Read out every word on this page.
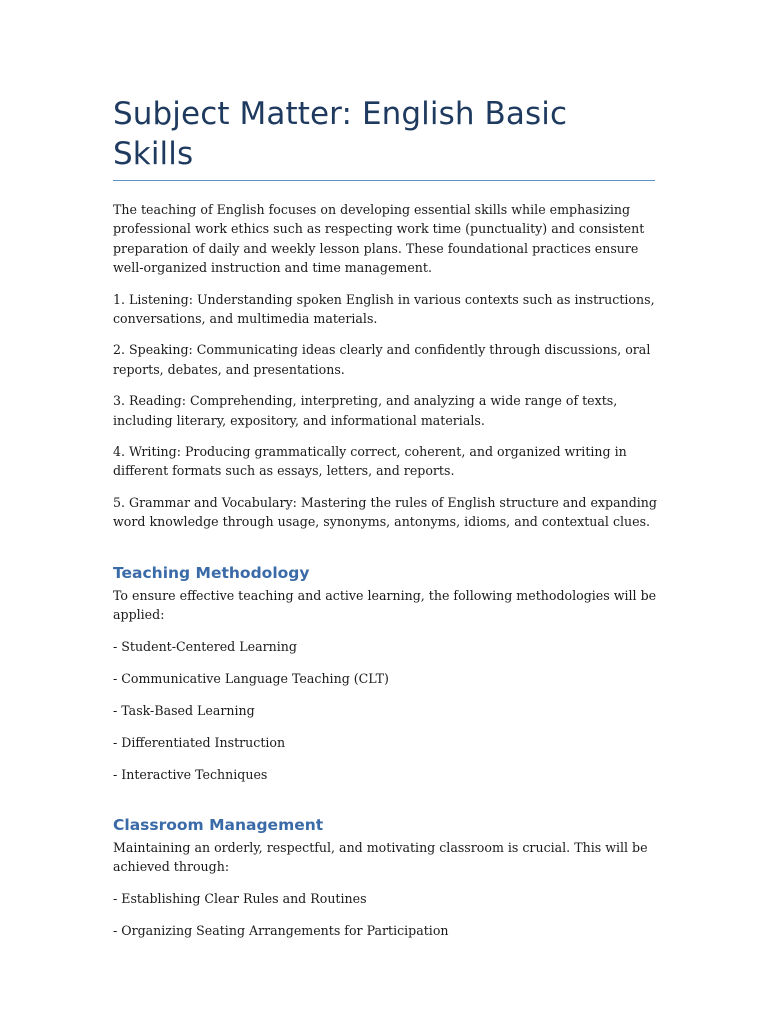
Subject Matter: English Basic Skills

The teaching of English focuses on developing essential skills while emphasizing professional work ethics such as respecting work time (punctuality) and consistent preparation of daily and weekly lesson plans. These foundational practices ensure well-organized instruction and time management.

1. Listening: Understanding spoken English in various contexts such as instructions, conversations, and multimedia materials.

2. Speaking: Communicating ideas clearly and confidently through discussions, oral reports, debates, and presentations.

3. Reading: Comprehending, interpreting, and analyzing a wide range of texts, including literary, expository, and informational materials.

4. Writing: Producing grammatically correct, coherent, and organized writing in different formats such as essays, letters, and reports.

5. Grammar and Vocabulary: Mastering the rules of English structure and expanding word knowledge through usage, synonyms, antonyms, idioms, and contextual clues.

Teaching Methodology

To ensure effective teaching and active learning, the following methodologies will be applied:

- Student-Centered Learning

- Communicative Language Teaching (CLT)

- Task-Based Learning

- Differentiated Instruction

- Interactive Techniques

Classroom Management

Maintaining an orderly, respectful, and motivating classroom is crucial. This will be achieved through:

- Establishing Clear Rules and Routines

- Organizing Seating Arrangements for Participation
